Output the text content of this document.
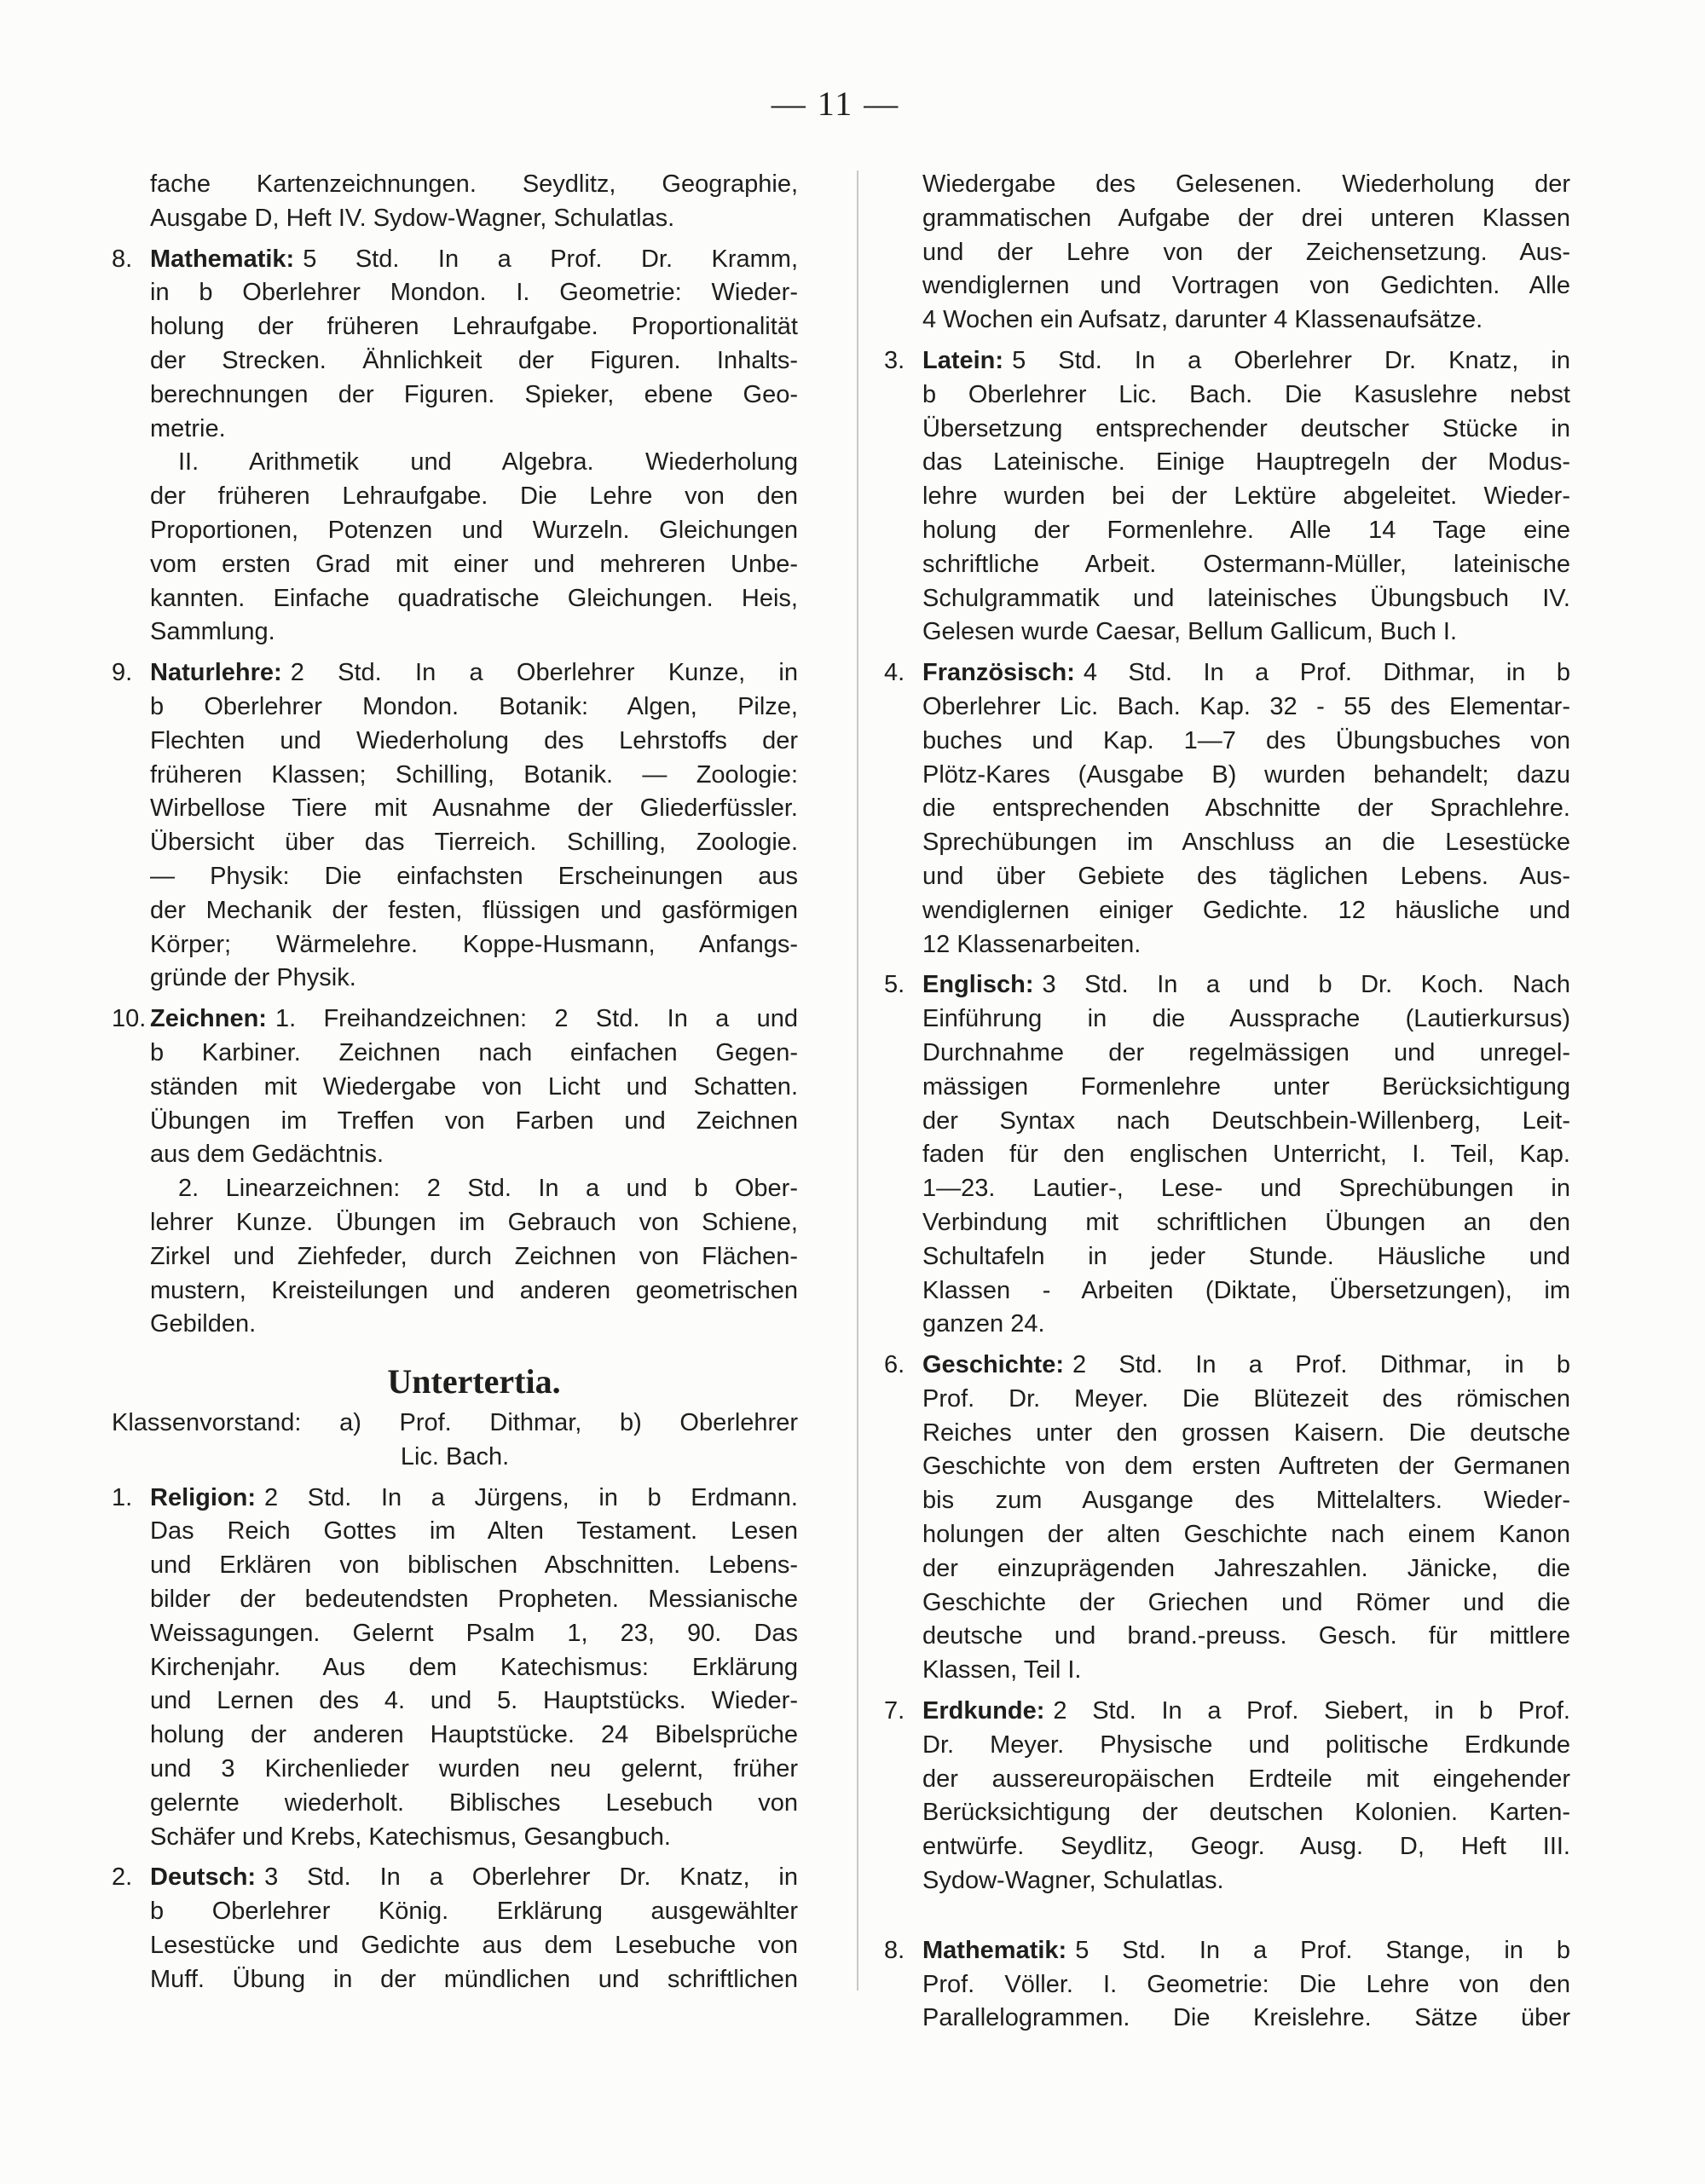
— 11 —
fache Kartenzeichnungen. Seydlitz, Geographie,
Ausgabe D, Heft IV. Sydow-Wagner, Schulatlas.
8. Mathematik: 5 Std. In a Prof. Dr. Kramm,
in b Oberlehrer Mondon. I. Geometrie: Wieder-
holung der früheren Lehraufgabe. Proportionalität
der Strecken. Ähnlichkeit der Figuren. Inhalts-
berechnungen der Figuren. Spieker, ebene Geo-
metrie.
II. Arithmetik und Algebra. Wiederholung
der früheren Lehraufgabe. Die Lehre von den
Proportionen, Potenzen und Wurzeln. Gleichungen
vom ersten Grad mit einer und mehreren Unbe-
kannten. Einfache quadratische Gleichungen. Heis,
Sammlung.
9. Naturlehre: 2 Std. In a Oberlehrer Kunze, in
b Oberlehrer Mondon. Botanik: Algen, Pilze,
Flechten und Wiederholung des Lehrstoffs der
früheren Klassen; Schilling, Botanik. — Zoologie:
Wirbellose Tiere mit Ausnahme der Gliederfüssler.
Übersicht über das Tierreich. Schilling, Zoologie.
— Physik: Die einfachsten Erscheinungen aus
der Mechanik der festen, flüssigen und gasförmigen
Körper; Wärmelehre. Koppe-Husmann, Anfangs-
gründe der Physik.
10. Zeichnen: 1. Freihandzeichnen: 2 Std. In a und
b Karbiner. Zeichnen nach einfachen Gegen-
ständen mit Wiedergabe von Licht und Schatten.
Übungen im Treffen von Farben und Zeichnen
aus dem Gedächtnis.
2. Linearzeichnen: 2 Std. In a und b Ober-
lehrer Kunze. Übungen im Gebrauch von Schiene,
Zirkel und Ziehfeder, durch Zeichnen von Flächen-
mustern, Kreisteilungen und anderen geometrischen
Gebilden.
Untertertia.
Klassenvorstand: a) Prof. Dithmar, b) Oberlehrer
Lic. Bach.
1. Religion: 2 Std. In a Jürgens, in b Erdmann.
Das Reich Gottes im Alten Testament. Lesen
und Erklären von biblischen Abschnitten. Lebens-
bilder der bedeutendsten Propheten. Messianische
Weissagungen. Gelernt Psalm 1, 23, 90. Das
Kirchenjahr. Aus dem Katechismus: Erklärung
und Lernen des 4. und 5. Hauptstücks. Wieder-
holung der anderen Hauptstücke. 24 Bibelsprüche
und 3 Kirchenlieder wurden neu gelernt, früher
gelernte wiederholt. Biblisches Lesebuch von
Schäfer und Krebs, Katechismus, Gesangbuch.
2. Deutsch: 3 Std. In a Oberlehrer Dr. Knatz, in
b Oberlehrer König. Erklärung ausgewählter
Lesestücke und Gedichte aus dem Lesebuche von
Muff. Übung in der mündlichen und schriftlichen
Wiedergabe des Gelesenen. Wiederholung der
grammatischen Aufgabe der drei unteren Klassen
und der Lehre von der Zeichensetzung. Aus-
wendiglernen und Vortragen von Gedichten. Alle
4 Wochen ein Aufsatz, darunter 4 Klassenaufsätze.
3. Latein: 5 Std. In a Oberlehrer Dr. Knatz, in
b Oberlehrer Lic. Bach. Die Kasuslehre nebst
Übersetzung entsprechender deutscher Stücke in
das Lateinische. Einige Hauptregeln der Modus-
lehre wurden bei der Lektüre abgeleitet. Wieder-
holung der Formenlehre. Alle 14 Tage eine
schriftliche Arbeit. Ostermann-Müller, lateinische
Schulgrammatik und lateinisches Übungsbuch IV.
Gelesen wurde Caesar, Bellum Gallicum, Buch I.
4. Französisch: 4 Std. In a Prof. Dithmar, in b
Oberlehrer Lic. Bach. Kap. 32 - 55 des Elementar-
buches und Kap. 1—7 des Übungsbuches von
Plötz-Kares (Ausgabe B) wurden behandelt; dazu
die entsprechenden Abschnitte der Sprachlehre.
Sprechübungen im Anschluss an die Lesestücke
und über Gebiete des täglichen Lebens. Aus-
wendiglernen einiger Gedichte. 12 häusliche und
12 Klassenarbeiten.
5. Englisch: 3 Std. In a und b Dr. Koch. Nach
Einführung in die Aussprache (Lautierkursus)
Durchnahme der regelmässigen und unregel-
mässigen Formenlehre unter Berücksichtigung
der Syntax nach Deutschbein-Willenberg, Leit-
faden für den englischen Unterricht, I. Teil, Kap.
1—23. Lautier-, Lese- und Sprechübungen in
Verbindung mit schriftlichen Übungen an den
Schultafeln in jeder Stunde. Häusliche und
Klassen - Arbeiten (Diktate, Übersetzungen), im
ganzen 24.
6. Geschichte: 2 Std. In a Prof. Dithmar, in b
Prof. Dr. Meyer. Die Blütezeit des römischen
Reiches unter den grossen Kaisern. Die deutsche
Geschichte von dem ersten Auftreten der Germanen
bis zum Ausgange des Mittelalters. Wieder-
holungen der alten Geschichte nach einem Kanon
der einzuprägenden Jahreszahlen. Jänicke, die
Geschichte der Griechen und Römer und die
deutsche und brand.-preuss. Gesch. für mittlere
Klassen, Teil I.
7. Erdkunde: 2 Std. In a Prof. Siebert, in b Prof.
Dr. Meyer. Physische und politische Erdkunde
der aussereuropäischen Erdteile mit eingehender
Berücksichtigung der deutschen Kolonien. Karten-
entwürfe. Seydlitz, Geogr. Ausg. D, Heft III.
Sydow-Wagner, Schulatlas.
8. Mathematik: 5 Std. In a Prof. Stange, in b
Prof. Völler. I. Geometrie: Die Lehre von den
Parallelogrammen. Die Kreislehre. Sätze über
